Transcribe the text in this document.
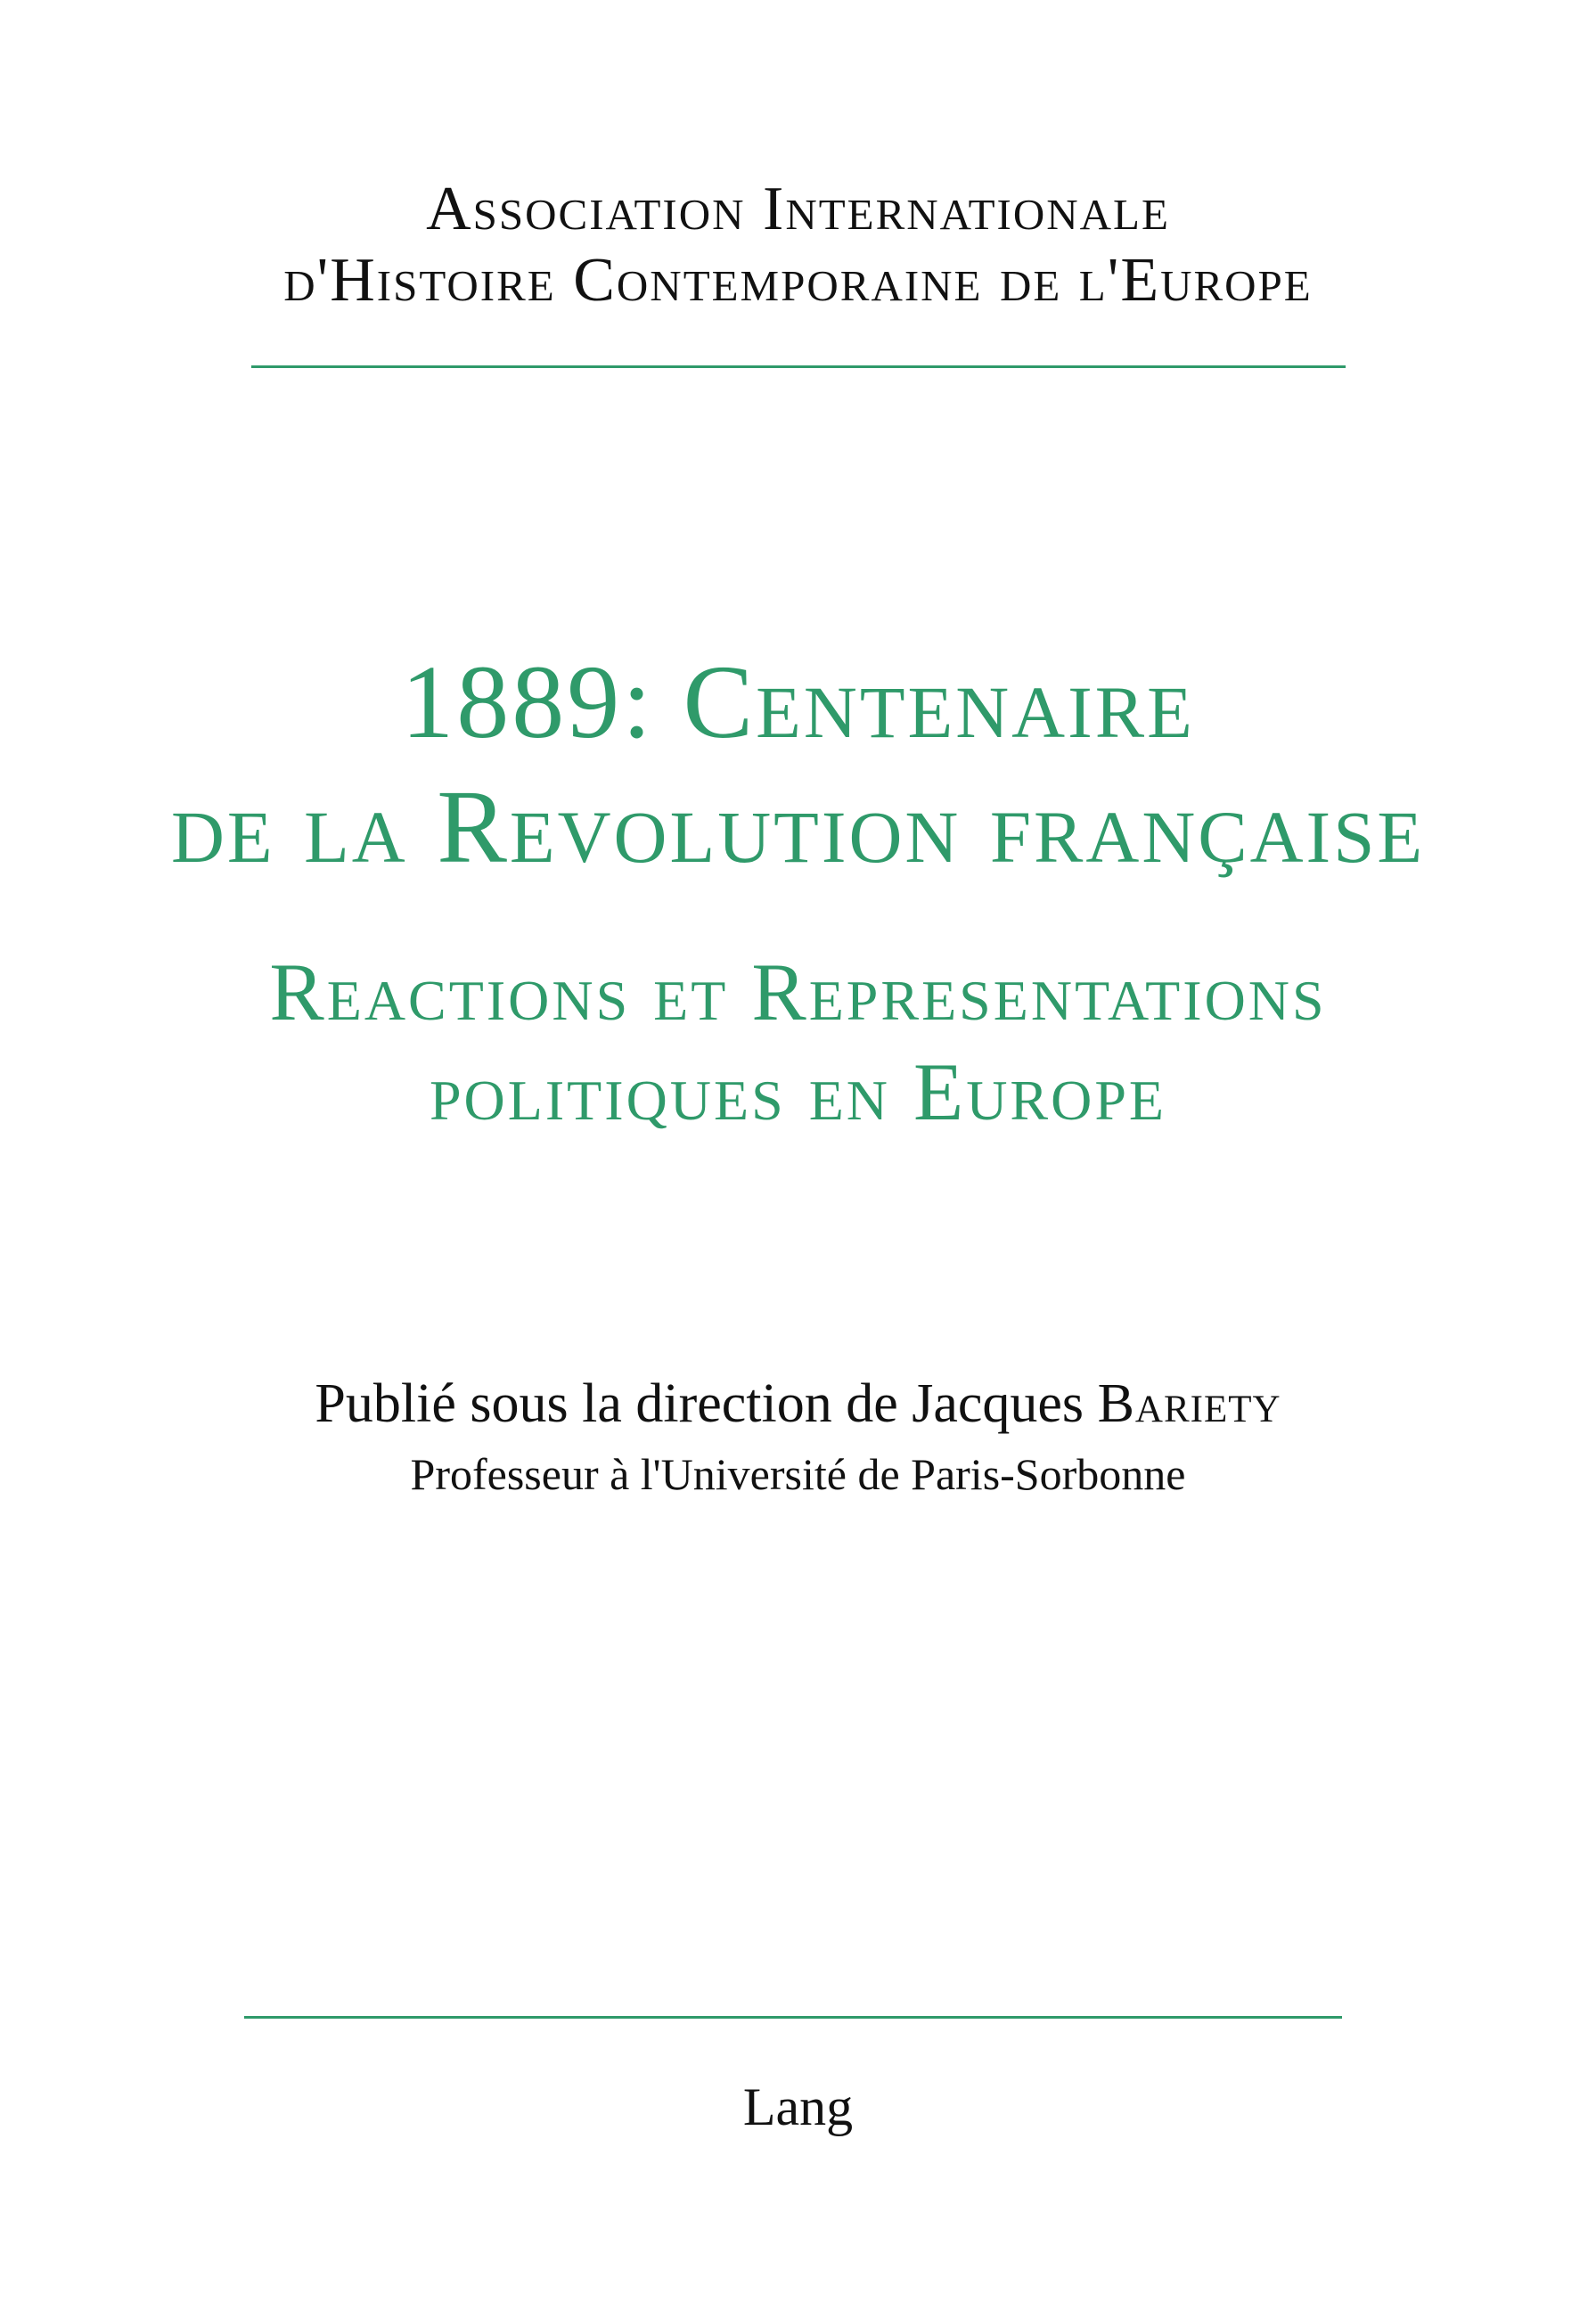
Association Internationale
d'Histoire Contemporaine de l'Europe
1889: Centenaire
de la Revolution française
Reactions et Representations
politiques en Europe
Publié sous la direction de Jacques Bariety
Professeur à l'Université de Paris-Sorbonne
Lang
